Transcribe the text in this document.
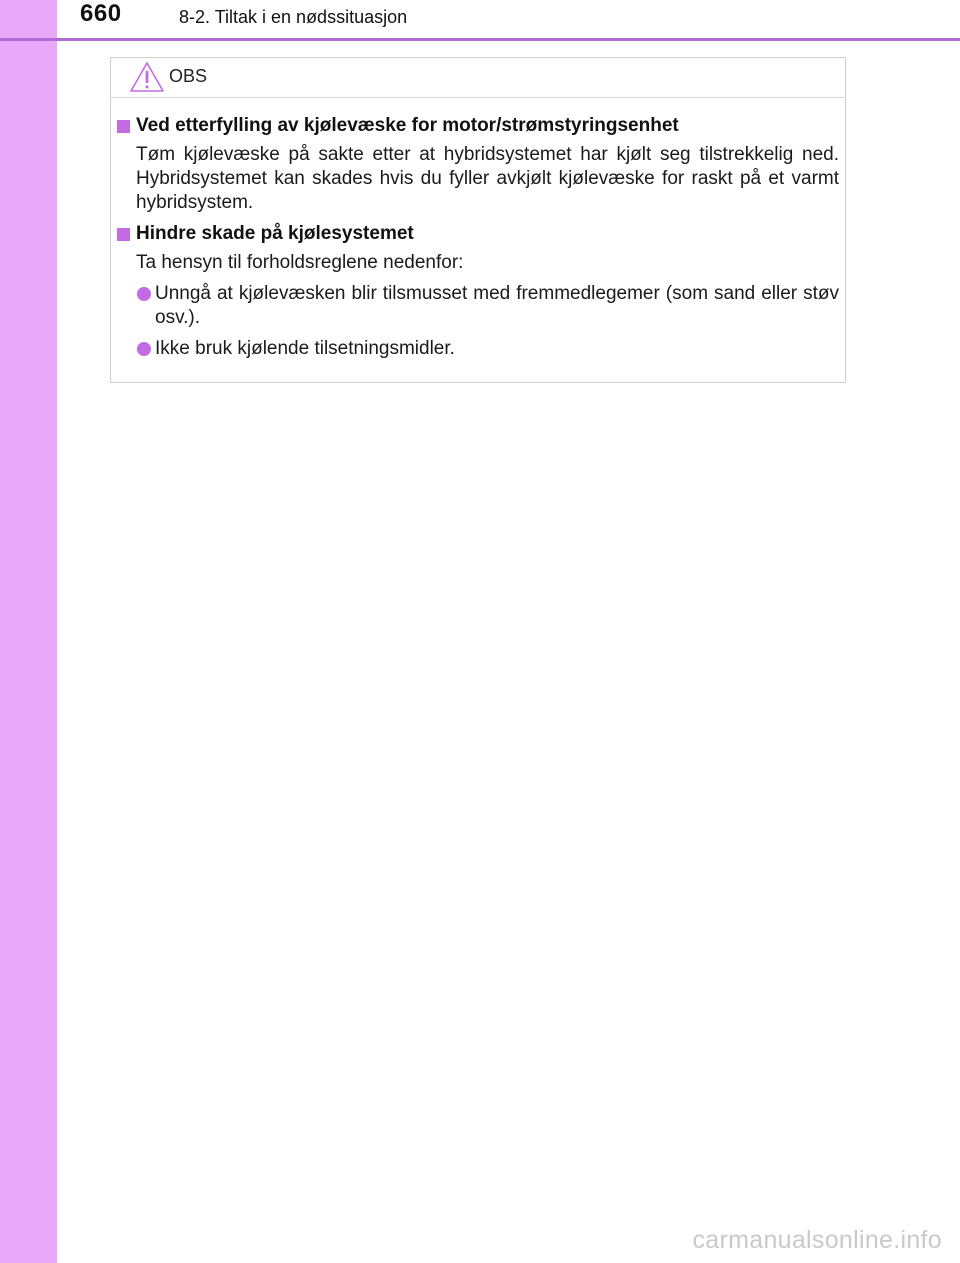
660	8-2. Tiltak i en nødssituasjon
OBS
Ved etterfylling av kjølevæske for motor/strømstyringsenhet
Tøm kjølevæske på sakte etter at hybridsystemet har kjølt seg tilstrekkelig ned. Hybridsystemet kan skades hvis du fyller avkjølt kjølevæske for raskt på et varmt hybridsystem.
Hindre skade på kjølesystemet
Ta hensyn til forholdsreglene nedenfor:
Unngå at kjølevæsken blir tilsmusset med fremmedlegemer (som sand eller støv osv.).
Ikke bruk kjølende tilsetningsmidler.
carmanualsonline.info
